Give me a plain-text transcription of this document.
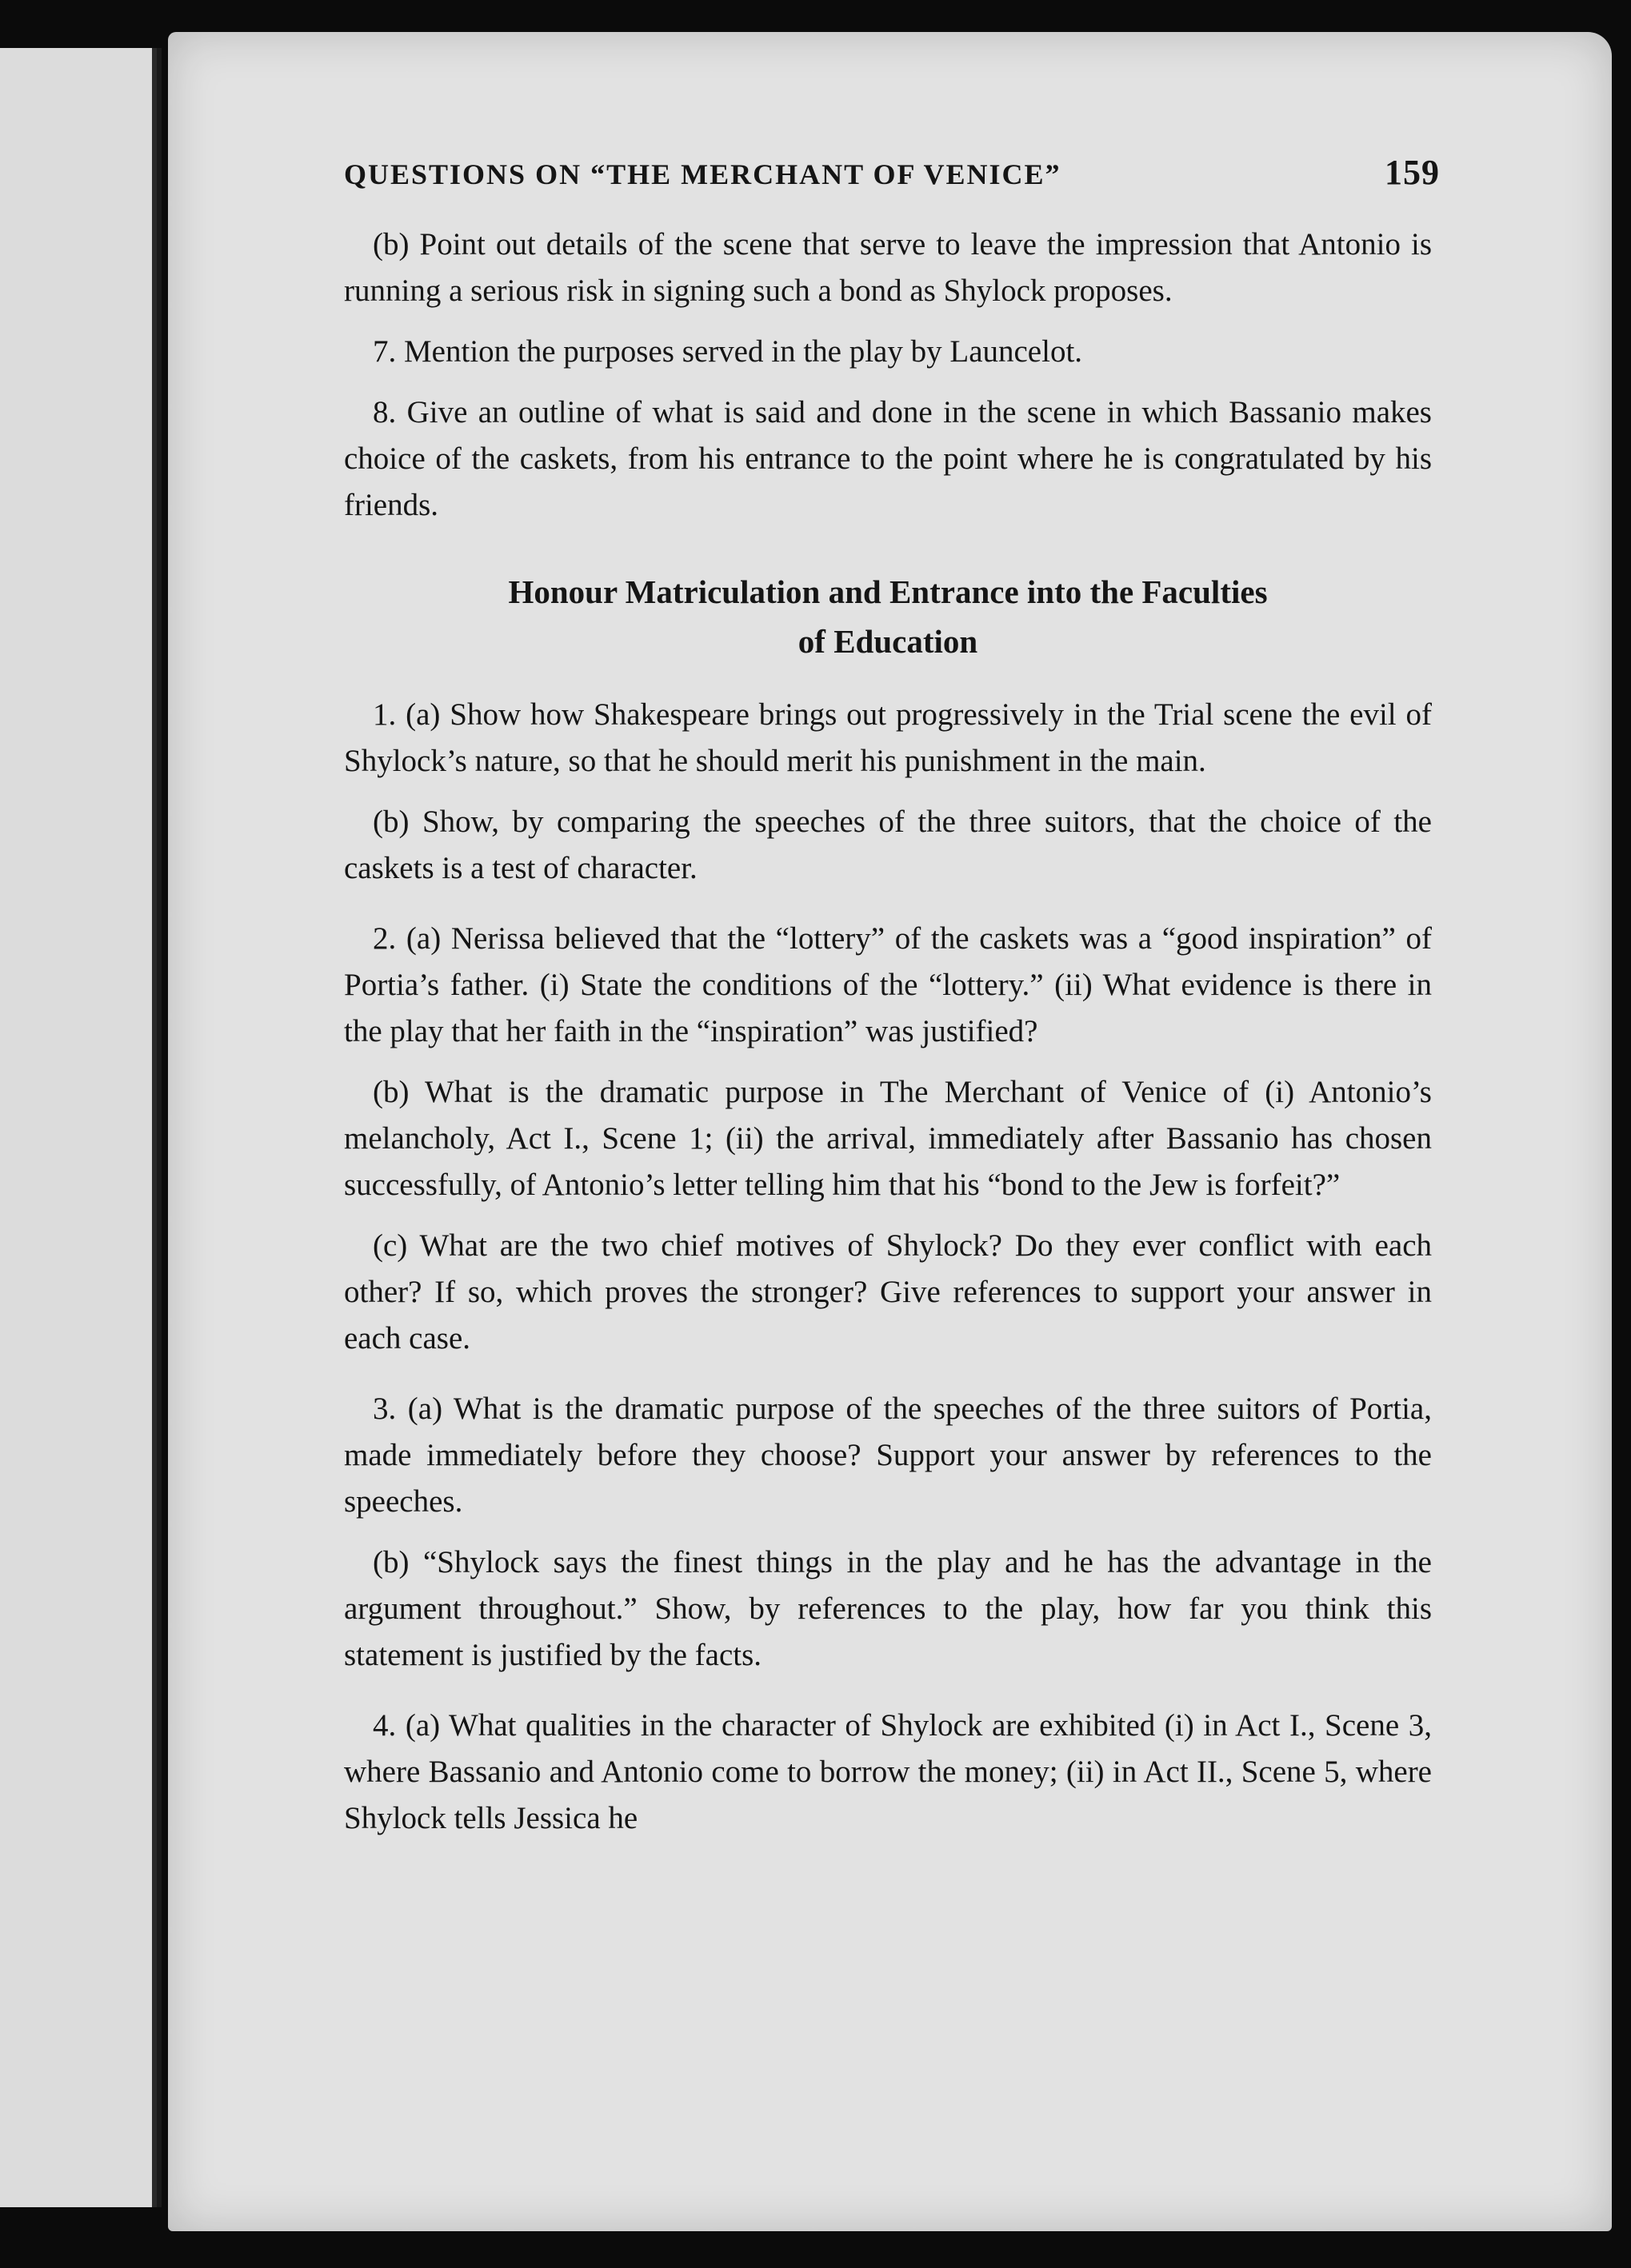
QUESTIONS ON “THE MERCHANT OF VENICE”	159

(b) Point out details of the scene that serve to leave the impression that Antonio is running a serious risk in signing such a bond as Shylock proposes.

7. Mention the purposes served in the play by Launcelot.

8. Give an outline of what is said and done in the scene in which Bassanio makes choice of the caskets, from his entrance to the point where he is congratulated by his friends.

Honour Matriculation and Entrance into the Faculties
of Education

1. (a) Show how Shakespeare brings out progressively in the Trial scene the evil of Shylock’s nature, so that he should merit his punishment in the main.

(b) Show, by comparing the speeches of the three suitors, that the choice of the caskets is a test of character.

2. (a) Nerissa believed that the “lottery” of the caskets was a “good inspiration” of Portia’s father. (i) State the conditions of the “lottery.” (ii) What evidence is there in the play that her faith in the “inspiration” was justified?

(b) What is the dramatic purpose in The Merchant of Venice of (i) Antonio’s melancholy, Act I., Scene 1; (ii) the arrival, immediately after Bassanio has chosen successfully, of Antonio’s letter telling him that his “bond to the Jew is forfeit?”

(c) What are the two chief motives of Shylock? Do they ever conflict with each other? If so, which proves the stronger? Give references to support your answer in each case.

3. (a) What is the dramatic purpose of the speeches of the three suitors of Portia, made immediately before they choose? Support your answer by references to the speeches.

(b) “Shylock says the finest things in the play and he has the advantage in the argument throughout.” Show, by references to the play, how far you think this statement is justified by the facts.

4. (a) What qualities in the character of Shylock are exhibited (i) in Act I., Scene 3, where Bassanio and Antonio come to borrow the money; (ii) in Act II., Scene 5, where Shylock tells Jessica he
